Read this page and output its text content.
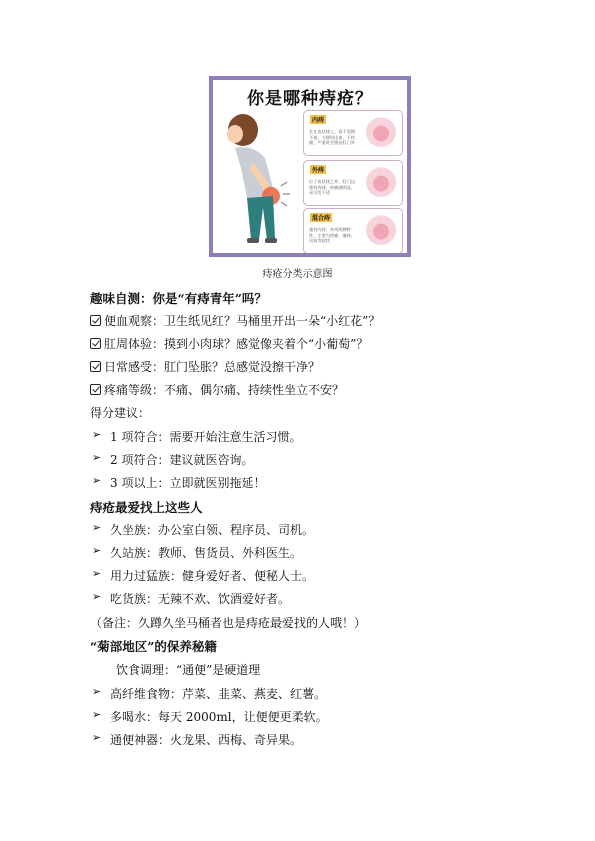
你是哪种痔疮？
内痔
长在齿状线上，看不见摸不着，大便时出血，不疼痛，严重时会脱出肛门外
外痔
位于齿状线之外，肛门边缘有肉球，疼痛感明显，易引发不适
混合痔
兼有内痔、外痔两种特性，主要为疼痛、瘙痒、出血等症状
痔疮分类示意图
趣味自测：你是“有痔青年”吗？
便血观察：卫生纸见红？马桶里开出一朵“小红花”？
肛周体验：摸到小肉球？感觉像夹着个“小葡萄”？
日常感受：肛门坠胀？总感觉没擦干净？
疼痛等级：不痛、偶尔痛、持续性坐立不安？
得分建议：
➢ 1 项符合：需要开始注意生活习惯。
➢ 2 项符合：建议就医咨询。
➢ 3 项以上：立即就医别拖延！
痔疮最爱找上这些人
➢ 久坐族：办公室白领、程序员、司机。
➢ 久站族：教师、售货员、外科医生。
➢ 用力过猛族：健身爱好者、便秘人士。
➢ 吃货族：无辣不欢、饮酒爱好者。
（备注：久蹲久坐马桶者也是痔疮最爱找的人哦！）
“菊部地区”的保养秘籍
饮食调理：“通便”是硬道理
➢ 高纤维食物：芹菜、韭菜、燕麦、红薯。
➢ 多喝水：每天 2000ml，让便便更柔软。
➢ 通便神器：火龙果、西梅、奇异果。
